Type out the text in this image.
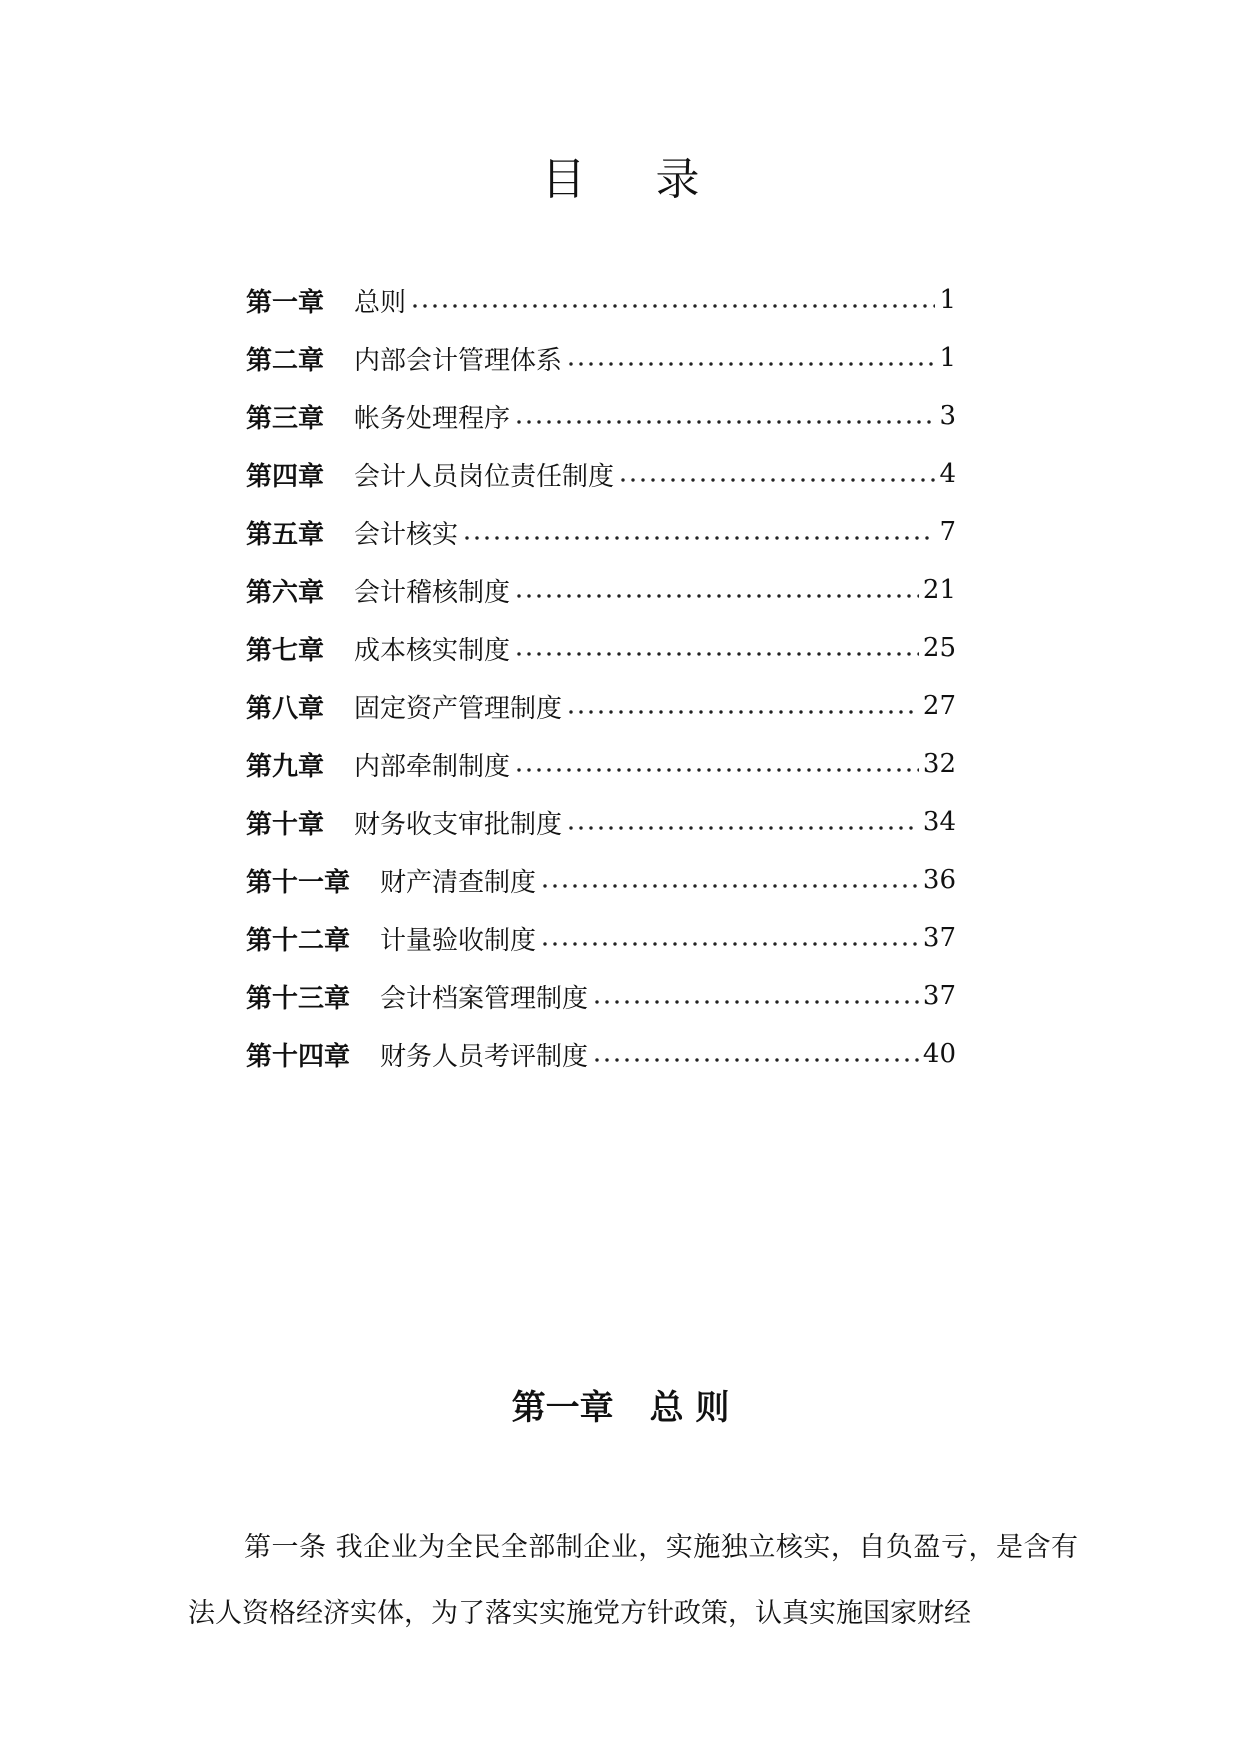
目 录
第一章 总则	1
第二章 内部会计管理体系	1
第三章 帐务处理程序	3
第四章 会计人员岗位责任制度	4
第五章 会计核实	7
第六章 会计稽核制度	21
第七章 成本核实制度	25
第八章 固定资产管理制度	27
第九章 内部牵制制度	32
第十章 财务收支审批制度	34
第十一章 财产清查制度	36
第十二章 计量验收制度	37
第十三章 会计档案管理制度	37
第十四章 财务人员考评制度	40
第一章 总 则

第一条 我企业为全民全部制企业，实施独立核实，自负盈亏，是含有法人资格经济实体，为了落实实施党方针政策，认真实施国家财经
